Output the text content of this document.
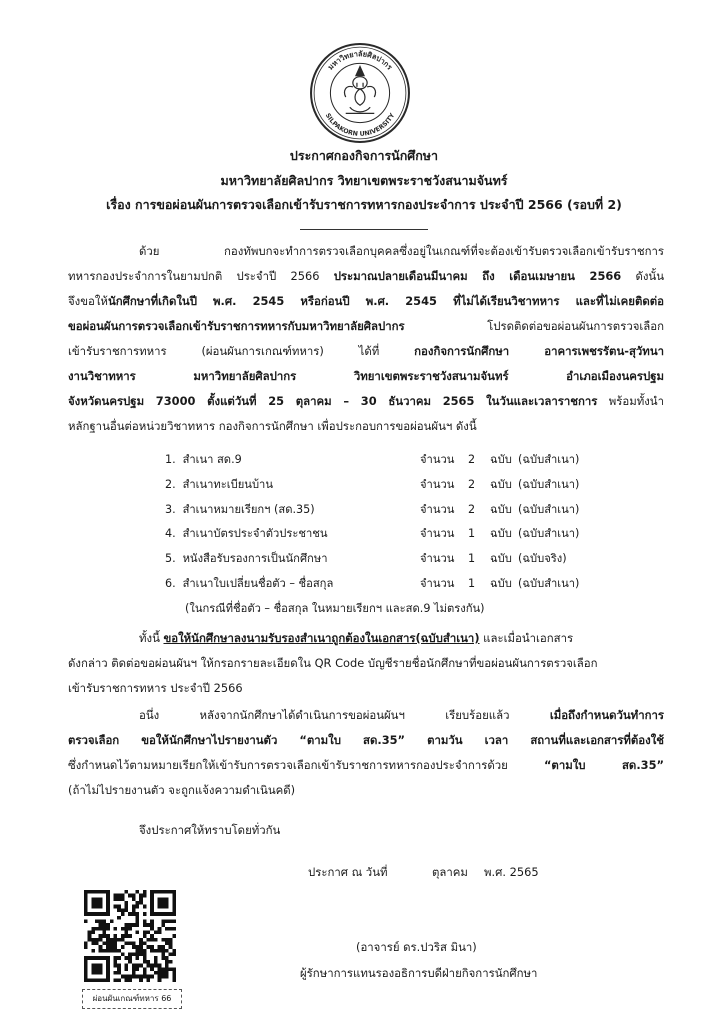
มหาวิทยาลัยศิลปากร
SILPAKORN UNIVERSITY
ประกาศกองกิจการนักศึกษา
มหาวิทยาลัยศิลปากร วิทยาเขตพระราชวังสนามจันทร์
เรื่อง การขอผ่อนผันการตรวจเลือกเข้ารับราชการทหารกองประจำการ ประจำปี 2566 (รอบที่ 2)
ด้วย กองทัพบกจะทำการตรวจเลือกบุคคลซึ่งอยู่ในเกณฑ์ที่จะต้องเข้ารับตรวจเลือกเข้ารับราชการ
ทหารกองประจำการในยามปกติ ประจำปี 2566 ประมาณปลายเดือนมีนาคม ถึง เดือนเมษายน 2566 ดังนั้น
จึงขอให้นักศึกษาที่เกิดในปี พ.ศ. 2545 หรือก่อนปี พ.ศ. 2545 ที่ไม่ได้เรียนวิชาทหาร และที่ไม่เคยติดต่อ
ขอผ่อนผันการตรวจเลือกเข้ารับราชการทหารกับมหาวิทยาลัยศิลปากร โปรดติดต่อขอผ่อนผันการตรวจเลือก
เข้ารับราชการทหาร (ผ่อนผันการเกณฑ์ทหาร) ได้ที่ กองกิจการนักศึกษา อาคารเพชรรัตน-สุวัทนา
งานวิชาทหาร มหาวิทยาลัยศิลปากร วิทยาเขตพระราชวังสนามจันทร์ อำเภอเมืองนครปฐม
จังหวัดนครปฐม 73000 ตั้งแต่วันที่ 25 ตุลาคม – 30 ธันวาคม 2565 ในวันและเวลาราชการ พร้อมทั้งนำ
หลักฐานอื่นต่อหน่วยวิชาทหาร กองกิจการนักศึกษา เพื่อประกอบการขอผ่อนผันฯ ดังนี้
1. สำเนา สด.9	จำนวน 2 ฉบับ (ฉบับสำเนา)
2. สำเนาทะเบียนบ้าน	จำนวน 2 ฉบับ (ฉบับสำเนา)
3. สำเนาหมายเรียกฯ (สด.35)	จำนวน 2 ฉบับ (ฉบับสำเนา)
4. สำเนาบัตรประจำตัวประชาชน	จำนวน 1 ฉบับ (ฉบับสำเนา)
5. หนังสือรับรองการเป็นนักศึกษา	จำนวน 1 ฉบับ (ฉบับจริง)
6. สำเนาใบเปลี่ยนชื่อตัว – ชื่อสกุล	จำนวน 1 ฉบับ (ฉบับสำเนา)
(ในกรณีที่ชื่อตัว – ชื่อสกุล ในหมายเรียกฯ และสด.9 ไม่ตรงกัน)
ทั้งนี้ ขอให้นักศึกษาลงนามรับรองสำเนาถูกต้องในเอกสาร(ฉบับสำเนา) และเมื่อนำเอกสาร
ดังกล่าว ติดต่อขอผ่อนผันฯ ให้กรอกรายละเอียดใน QR Code บัญชีรายชื่อนักศึกษาที่ขอผ่อนผันการตรวจเลือก
เข้ารับราชการทหาร ประจำปี 2566
อนึ่ง หลังจากนักศึกษาได้ดำเนินการขอผ่อนผันฯ เรียบร้อยแล้ว เมื่อถึงกำหนดวันทำการ
ตรวจเลือก ขอให้นักศึกษาไปรายงานตัว “ตามใบ สด.35” ตามวัน เวลา สถานที่และเอกสารที่ต้องใช้
ซึ่งกำหนดไว้ตามหมายเรียกให้เข้ารับการตรวจเลือกเข้ารับราชการทหารกองประจำการด้วย “ตามใบ สด.35”
(ถ้าไม่ไปรายงานตัว จะถูกแจ้งความดำเนินคดี)
จึงประกาศให้ทราบโดยทั่วกัน
ประกาศ ณ วันที่	ตุลาคม พ.ศ. 2565
(อาจารย์ ดร.ปวริส มินา)
ผู้รักษาการแทนรองอธิการบดีฝ่ายกิจการนักศึกษา
ผ่อนผันเกณฑ์ทหาร 66
